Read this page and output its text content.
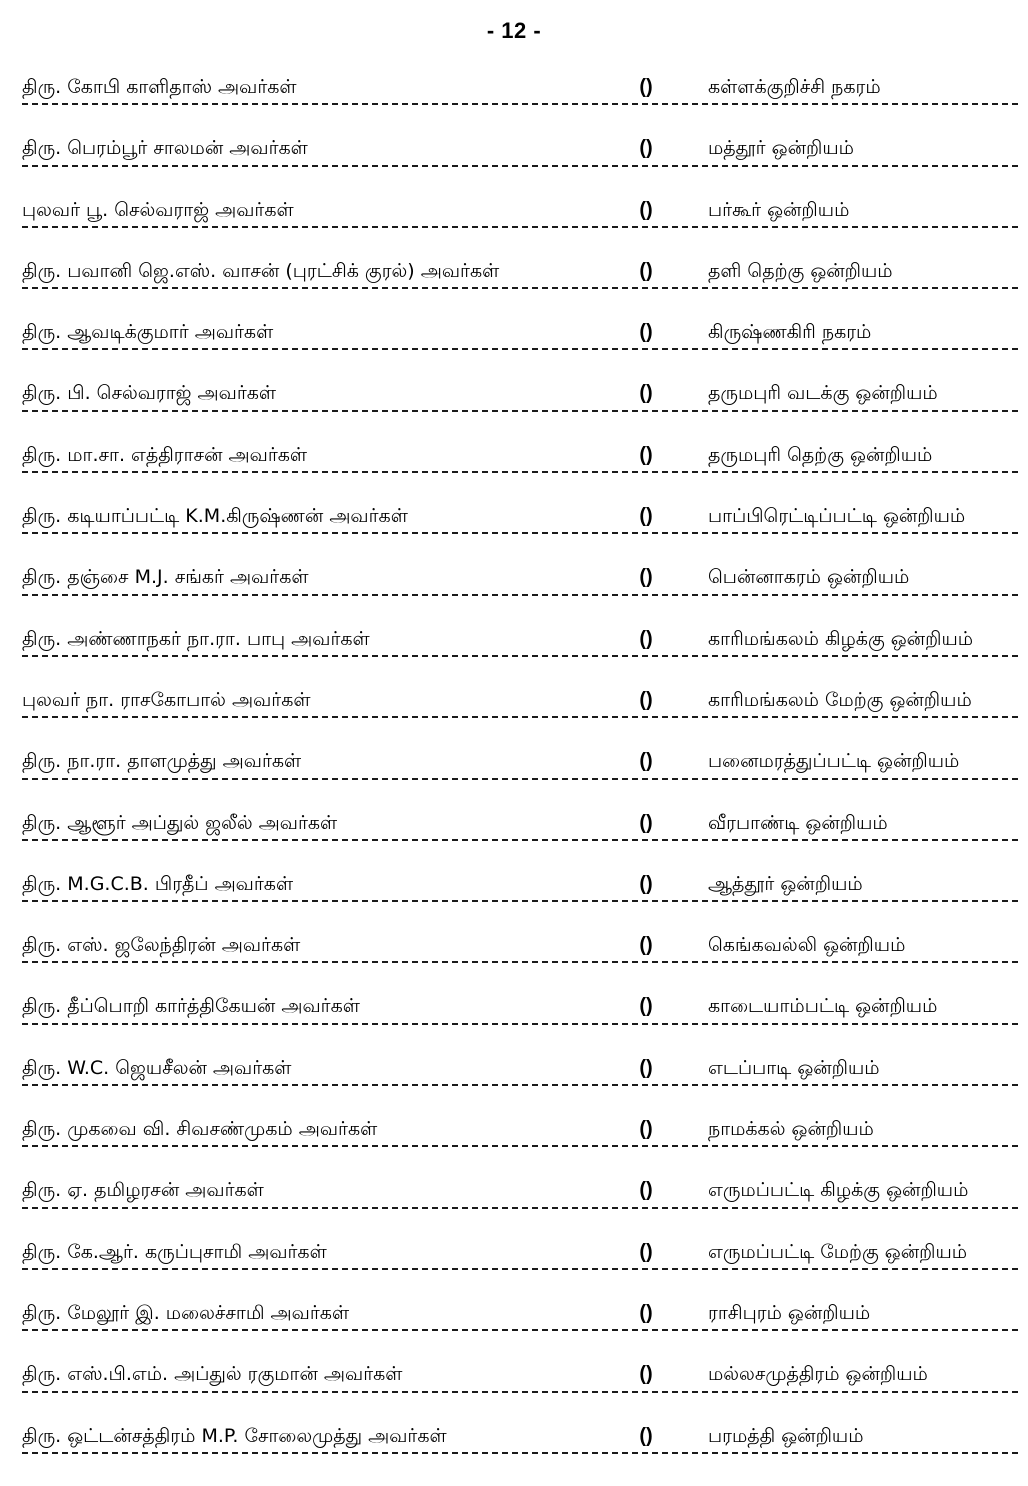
- 12 -
திரு. கோபி காளிதாஸ் அவர்கள்	()	கள்ளக்குறிச்சி நகரம்
திரு. பெரம்பூர் சாலமன் அவர்கள்	()	மத்தூர் ஒன்றியம்
புலவர் பூ. செல்வராஜ் அவர்கள்	()	பர்கூர் ஒன்றியம்
திரு. பவானி ஜெ.எஸ். வாசன் (புரட்சிக் குரல்) அவர்கள்	()	தளி தெற்கு ஒன்றியம்
திரு. ஆவடிக்குமார் அவர்கள்	()	கிருஷ்ணகிரி நகரம்
திரு. பி. செல்வராஜ் அவர்கள்	()	தருமபுரி வடக்கு ஒன்றியம்
திரு. மா.சா. எத்திராசன் அவர்கள்	()	தருமபுரி தெற்கு ஒன்றியம்
திரு. கடியாப்பட்டி K.M.கிருஷ்ணன் அவர்கள்	()	பாப்பிரெட்டிப்பட்டி ஒன்றியம்
திரு. தஞ்சை M.J. சங்கர் அவர்கள்	()	பென்னாகரம் ஒன்றியம்
திரு. அண்ணாநகர் நா.ரா. பாபு அவர்கள்	()	காரிமங்கலம் கிழக்கு ஒன்றியம்
புலவர் நா. ராசகோபால் அவர்கள்	()	காரிமங்கலம் மேற்கு ஒன்றியம்
திரு. நா.ரா. தாளமுத்து அவர்கள்	()	பனைமரத்துப்பட்டி ஒன்றியம்
திரு. ஆளூர் அப்துல் ஜலீல் அவர்கள்	()	வீரபாண்டி ஒன்றியம்
திரு. M.G.C.B. பிரதீப் அவர்கள்	()	ஆத்தூர் ஒன்றியம்
திரு. எஸ். ஜலேந்திரன் அவர்கள்	()	கெங்கவல்லி ஒன்றியம்
திரு. தீப்பொறி கார்த்திகேயன் அவர்கள்	()	காடையாம்பட்டி ஒன்றியம்
திரு. W.C. ஜெயசீலன் அவர்கள்	()	எடப்பாடி ஒன்றியம்
திரு. முகவை வி. சிவசண்முகம் அவர்கள்	()	நாமக்கல் ஒன்றியம்
திரு. ஏ. தமிழரசன் அவர்கள்	()	எருமப்பட்டி கிழக்கு ஒன்றியம்
திரு. கே.ஆர். கருப்புசாமி அவர்கள்	()	எருமப்பட்டி மேற்கு ஒன்றியம்
திரு. மேலூர் இ. மலைச்சாமி அவர்கள்	()	ராசிபுரம் ஒன்றியம்
திரு. எஸ்.பி.எம். அப்துல் ரகுமான் அவர்கள்	()	மல்லசமுத்திரம் ஒன்றியம்
திரு. ஒட்டன்சத்திரம் M.P. சோலைமுத்து அவர்கள்	()	பரமத்தி ஒன்றியம்
